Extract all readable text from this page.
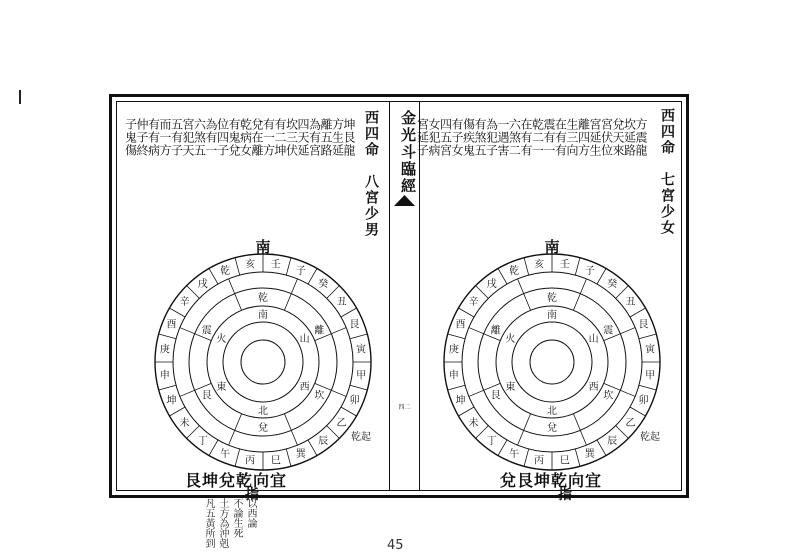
西四命　八宮少男
坤艮龍
方生延
離五路
為有宮
四天延
坎三伏
有二坤
有一方
兌在離
乾病女
有鬼兌
位四子
為有一
六煞五
宮犯天
五有子
而一方
有有病
仲子終
子鬼傷
甲
卯
乙
辰
巽
巳
丙
午
丁
未
坤
申
庚
酉
辛
戌
乾
亥 壬
子
癸
丑
艮
寅
南
山
西
北
東
火
乾
離
坎
兌
艮
震
南
乾起
艮坤兌乾向宜
指
金光斗臨經
四二
西四命　七宮少女
方震龍
坎延路
兌天來
宮伏位
宮延生
離四方
生三向
在有有
震有一
乾二一
在有有
六煞二
一遇害
為犯子
有煞五
傷疾鬼
有子女
四五宮
女犯病
宮延子
甲
卯
乙
辰
巽
巳
丙
午
丁
未
坤
申
庚
酉
辛
戌
乾
亥 壬
子
癸
丑
艮
寅
南
山
西
北
東
火
乾
震
坎
兌
艮
離
南
乾起
兌艮坤乾向宜
指
以西論
不論生死
土方為沖剋
凡五黃所到	45
